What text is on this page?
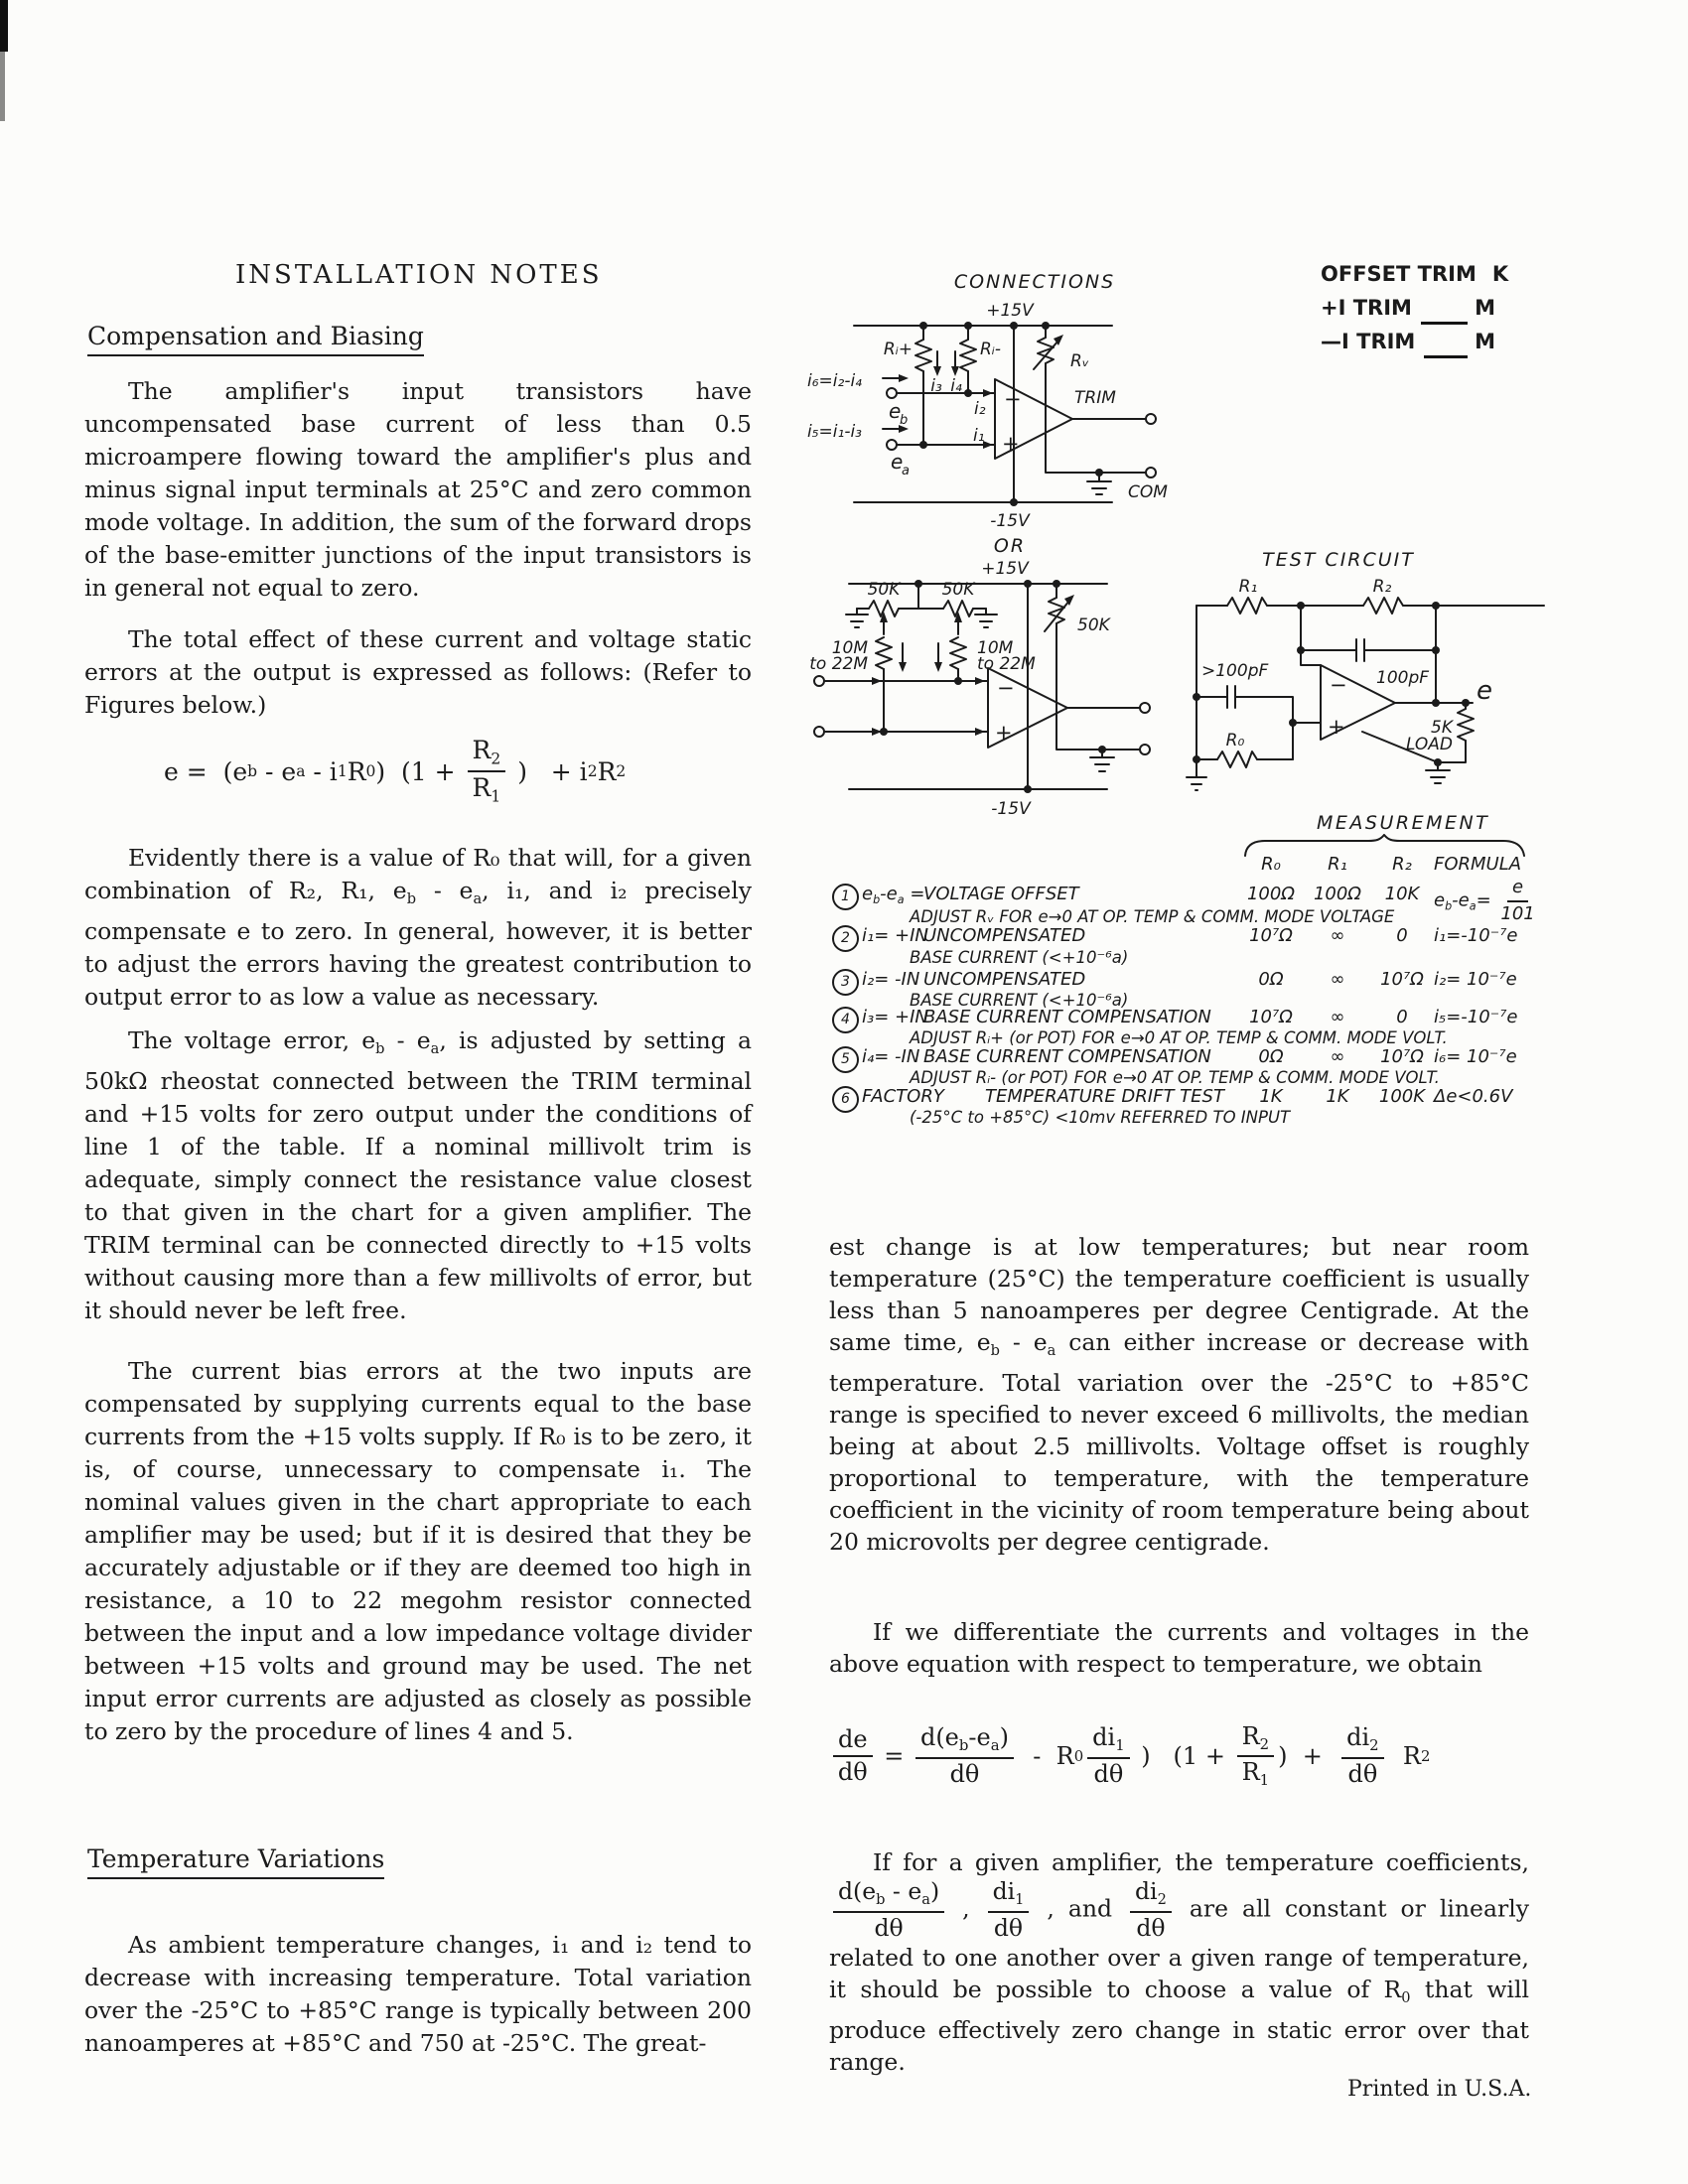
INSTALLATION NOTES
Compensation and Biasing
The amplifier's input transistors have uncompensated base current of less than 0.5 microampere flowing toward the amplifier's plus and minus signal input terminals at 25°C and zero common mode voltage. In addition, the sum of the forward drops of the base-emitter junctions of the input transistors is in general not equal to zero.
The total effect of these current and voltage static errors at the output is expressed as follows: (Refer to Figures below.)
e =  (e b - e a - i 1 R 0 )  ($1 + \frac{R_2}{R_1}$ )   + i 2 R 2
Evidently there is a value of R₀ that will, for a given combination of R₂, R₁, $e_b - e_a$, i₁, and i₂ precisely compensate e to zero. In general, however, it is better to adjust the errors having the greatest contribution to output error to as low a value as necessary.
The voltage error, $e_b - e_a$, is adjusted by setting a 50kΩ rheostat connected between the TRIM terminal and +15 volts for zero output under the conditions of line 1 of the table. If a nominal millivolt trim is adequate, simply connect the resistance value closest to that given in the chart for a given amplifier. The TRIM terminal can be connected directly to +15 volts without causing more than a few millivolts of error, but it should never be left free.
The current bias errors at the two inputs are compensated by supplying currents equal to the base currents from the +15 volts supply. If R₀ is to be zero, it is, of course, unnecessary to compensate i₁. The nominal values given in the chart appropriate to each amplifier may be used; but if it is desired that they be accurately adjustable or if they are deemed too high in resistance, a 10 to 22 megohm resistor connected between the input and a low impedance voltage divider between +15 volts and ground may be used. The net input error currents are adjusted as closely as possible to zero by the procedure of lines 4 and 5.
Temperature Variations
As ambient temperature changes, i₁ and i₂ tend to decrease with increasing temperature. Total variation over the -25°C to +85°C range is typically between 200 nanoamperes at +85°C and 750 at -25°C. The great-
OFFSET TRIM K
+I TRIM	M
—I TRIM	M
CONNECTIONS
+15V
Rᵢ+	Rᵢ-
i₃ i₄
i₆=i₂-i₄
e
b
i₅=i₁-i₃
e
a
i₂
i₁
−
+
Rᵥ
TRIM
COM
-15V
OR
+15V
50K
10M
to 22M
50K
10M
to 22M
−
+
50K
-15V
TEST CIRCUIT
R₁	R₂
100pF
>100pF
R₀
−
+
e
5K
LOAD
MEASUREMENT
R₀	R₁	R₂	FORMULA
1 $e_b-e_a$ =
VOLTAGE OFFSET	100Ω	100Ω	10K $e_b-e_a= \frac{e}{101}$
ADJUST Rᵥ FOR e→0 AT OP. TEMP & COMM. MODE VOLTAGE
2 i₁= +IN
UNCOMPENSATED	10⁷Ω	∞	0	i₁=-10⁻⁷e
BASE CURRENT (<+10⁻⁶a)
3 i₂= -IN UNCOMPENSATED	0Ω	∞	10⁷Ω i₂= 10⁻⁷e
BASE CURRENT (<+10⁻⁶a)
4 i₃= +IN
BASE CURRENT COMPENSATION	10⁷Ω	∞	0	i₅=-10⁻⁷e
ADJUST Rᵢ+ (or POT) FOR e→0 AT OP. TEMP & COMM. MODE VOLT.
5 i₄= -IN BASE CURRENT COMPENSATION	0Ω	∞	10⁷Ω i₆= 10⁻⁷e
ADJUST Rᵢ- (or POT) FOR e→0 AT OP. TEMP & COMM. MODE VOLT.
6 FACTORY TEMPERATURE DRIFT TEST	1K	1K	100K Δe<0.6V
(-25°C to +85°C) <10mv REFERRED TO INPUT
est change is at low temperatures; but near room temperature (25°C) the temperature coefficient is usually less than 5 nanoamperes per degree Centigrade. At the same time, $e_b - e_a$ can either increase or decrease with temperature. Total variation over the -25°C to +85°C range is specified to never exceed 6 millivolts, the median being at about 2.5 millivolts. Voltage offset is roughly proportional to temperature, with the temperature coefficient in the vicinity of room temperature being about 20 microvolts per degree centigrade.
If we differentiate the currents and voltages in the above equation with respect to temperature, we obtain
$\frac{de}{d\theta} = \frac{d(e_b-e_a)}{d\theta} - R$ $0 \frac{di_1}{d\theta}$ )   ($1 + \frac{R_2}{R_1}$ )  + $\frac{di_2}{d\theta}$ R 2
If for a given amplifier, the temperature coefficients,
$\frac{d(e_b - e_a)}{d\theta}$ , $\frac{di_1}{d\theta}$ , and $\frac{di_2}{d\theta}$ are all constant or linearly related to one another over a given range of temperature, it should be possible to choose a value of $R_0$ that will produce effectively zero change in static error over that range.
Printed in U.S.A.
